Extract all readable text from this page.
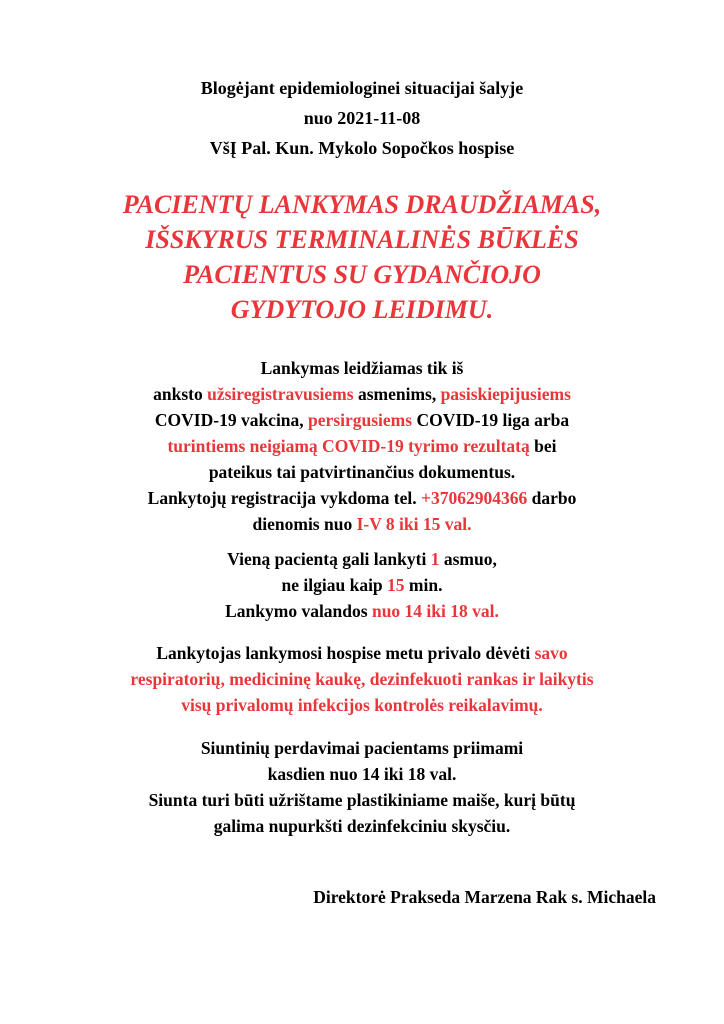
Blogėjant epidemiologinei situacijai šalyje
nuo 2021-11-08
VšĮ Pal. Kun. Mykolo Sopočkos hospise
PACIENTŲ LANKYMAS DRAUDŽIAMAS,
IŠSKYRUS TERMINALINĖS BŪKLĖS
PACIENTUS SU GYDANČIOJO
GYDYTOJO LEIDIMU.
Lankymas leidžiamas tik iš
anksto užsiregistravusiems asmenims, pasiskiepijusiems
COVID-19 vakcina, persirgusiems COVID-19 liga arba
turintiems neigiamą COVID-19 tyrimo rezultatą bei
pateikus tai patvirtinančius dokumentus.
Lankytojų registracija vykdoma tel. +37062904366 darbo
dienomis nuo I-V 8 iki 15 val.
Vieną pacientą gali lankyti 1 asmuo,
ne ilgiau kaip 15 min.
Lankymo valandos nuo 14 iki 18 val.
Lankytojas lankymosi hospise metu privalo dėvėti savo
respiratorių, medicininę kaukę, dezinfekuoti rankas ir laikytis
visų privalomų infekcijos kontrolės reikalavimų.
Siuntinių perdavimai pacientams priimami
kasdien nuo 14 iki 18 val.
Siunta turi būti užrištame plastikiniame maiše, kurį būtų
galima nupurkšti dezinfekciniu skysčiu.
Direktorė Prakseda Marzena Rak s. Michaela
